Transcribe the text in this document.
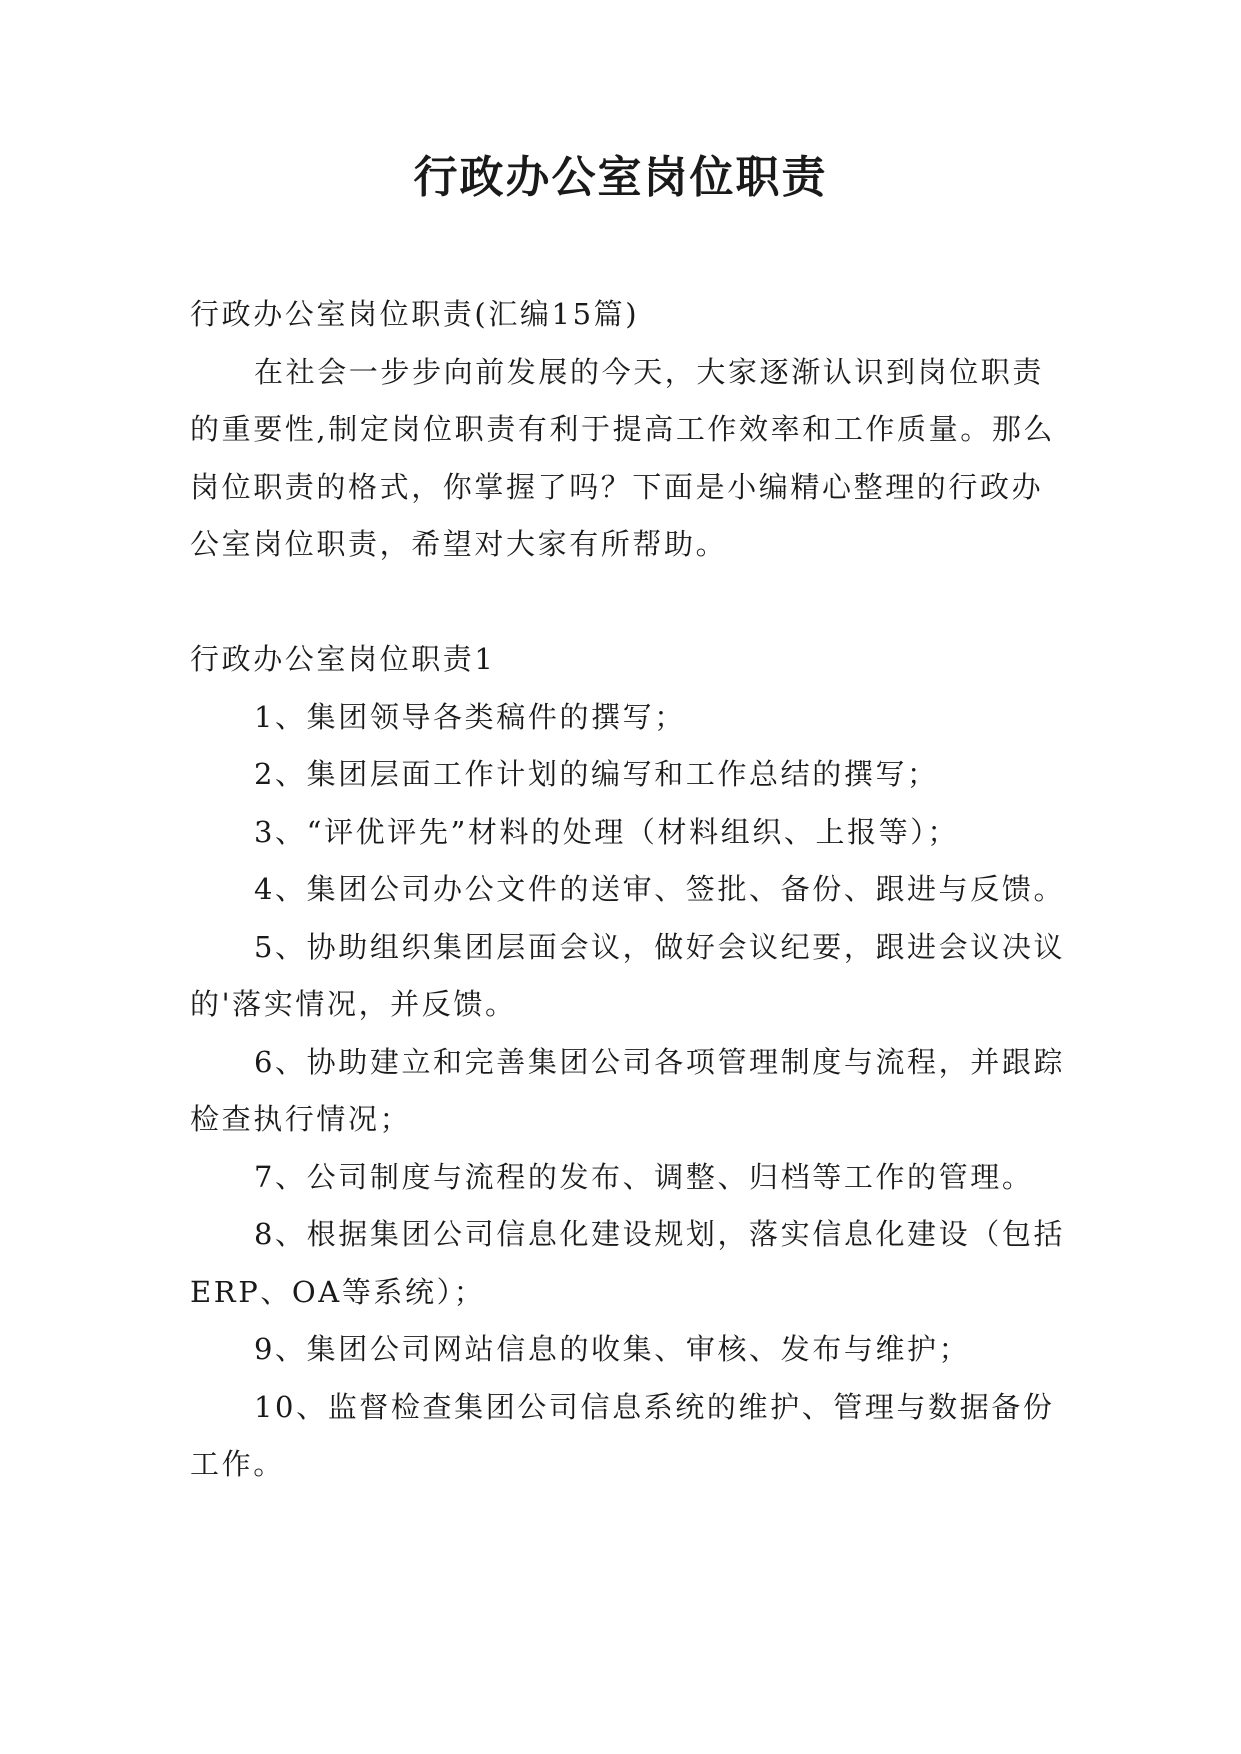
行政办公室岗位职责

行政办公室岗位职责(汇编15篇)

在社会一步步向前发展的今天，大家逐渐认识到岗位职责的重要性,制定岗位职责有利于提高工作效率和工作质量。那么岗位职责的格式，你掌握了吗？下面是小编精心整理的行政办公室岗位职责，希望对大家有所帮助。

行政办公室岗位职责1

1、集团领导各类稿件的撰写；

2、集团层面工作计划的编写和工作总结的撰写；

3、“评优评先”材料的处理（材料组织、上报等）；

4、集团公司办公文件的送审、签批、备份、跟进与反馈。

5、协助组织集团层面会议，做好会议纪要，跟进会议决议的'落实情况，并反馈。

6、协助建立和完善集团公司各项管理制度与流程，并跟踪检查执行情况；

7、公司制度与流程的发布、调整、归档等工作的管理。

8、根据集团公司信息化建设规划，落实信息化建设（包括ERP、OA等系统）；

9、集团公司网站信息的收集、审核、发布与维护；

10、监督检查集团公司信息系统的维护、管理与数据备份工作。
